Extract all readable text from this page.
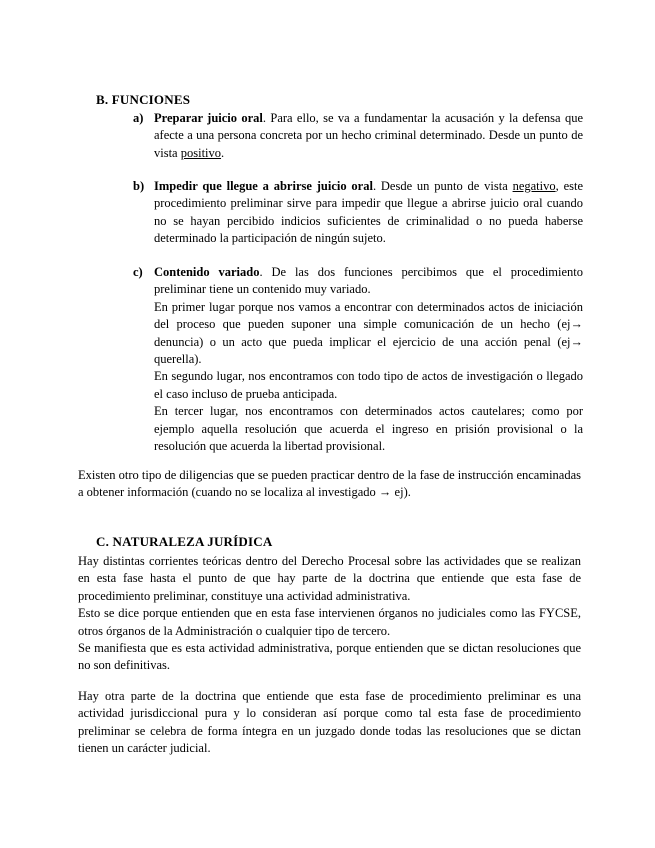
B. FUNCIONES
a) Preparar juicio oral. Para ello, se va a fundamentar la acusación y la defensa que afecte a una persona concreta por un hecho criminal determinado. Desde un punto de vista positivo.
b) Impedir que llegue a abrirse juicio oral. Desde un punto de vista negativo, este procedimiento preliminar sirve para impedir que llegue a abrirse juicio oral cuando no se hayan percibido indicios suficientes de criminalidad o no pueda haberse determinado la participación de ningún sujeto.
c) Contenido variado. De las dos funciones percibimos que el procedimiento preliminar tiene un contenido muy variado.
En primer lugar porque nos vamos a encontrar con determinados actos de iniciación del proceso que pueden suponer una simple comunicación de un hecho (ej→ denuncia) o un acto que pueda implicar el ejercicio de una acción penal (ej→ querella).
En segundo lugar, nos encontramos con todo tipo de actos de investigación o llegado el caso incluso de prueba anticipada.
En tercer lugar, nos encontramos con determinados actos cautelares; como por ejemplo aquella resolución que acuerda el ingreso en prisión provisional o la resolución que acuerda la libertad provisional.
Existen otro tipo de diligencias que se pueden practicar dentro de la fase de instrucción encaminadas a obtener información (cuando no se localiza al investigado → ej).
C. NATURALEZA JURÍDICA
Hay distintas corrientes teóricas dentro del Derecho Procesal sobre las actividades que se realizan en esta fase hasta el punto de que hay parte de la doctrina que entiende que esta fase de procedimiento preliminar, constituye una actividad administrativa.
Esto se dice porque entienden que en esta fase intervienen órganos no judiciales como las FYCSE, otros órganos de la Administración o cualquier tipo de tercero.
Se manifiesta que es esta actividad administrativa, porque entienden que se dictan resoluciones que no son definitivas.
Hay otra parte de la doctrina que entiende que esta fase de procedimiento preliminar es una actividad jurisdiccional pura y lo consideran así porque como tal esta fase de procedimiento preliminar se celebra de forma íntegra en un juzgado donde todas las resoluciones que se dictan tienen un carácter judicial.
